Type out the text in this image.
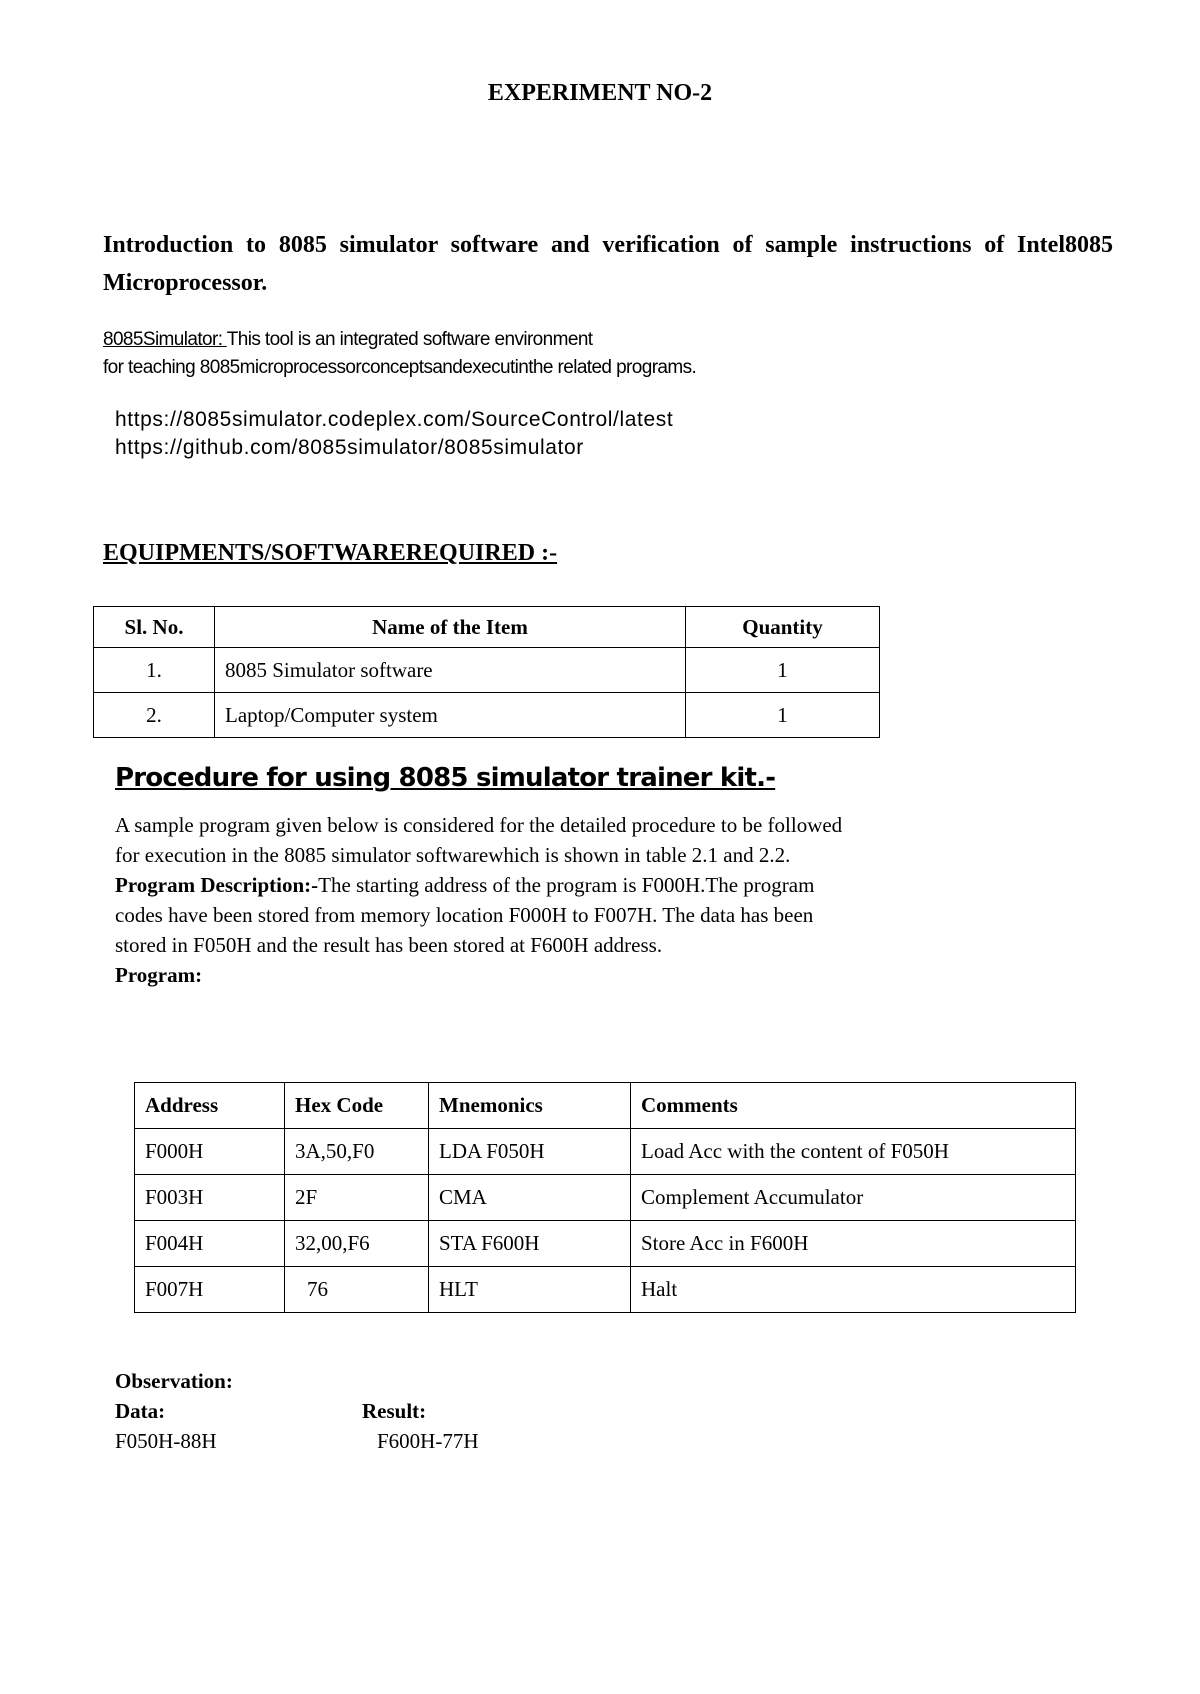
EXPERIMENT NO-2
Introduction to 8085 simulator software and verification of sample instructions of Intel8085 Microprocessor.
8085Simulator: This tool is an integrated software environment
for teaching 8085microprocessorconceptsandexecutinthe related programs.
https://8085simulator.codeplex.com/SourceControl/latest
https://github.com/8085simulator/8085simulator
EQUIPMENTS/SOFTWAREREQUIRED :-
Sl. No.	Name of the Item	Quantity
1.	8085 Simulator software	1
2.	Laptop/Computer system	1
Procedure for using 8085 simulator trainer kit.-

A sample program given below is considered for the detailed procedure to be followed for execution in the 8085 simulator softwarewhich is shown in table 2.1 and 2.2.

Program Description:-The starting address of the program is F000H.The program codes have been stored from memory location F000H to F007H. The data has been stored in F050H and the result has been stored at F600H address.

Program:

Address	Hex Code	Mnemonics	Comments
F000H	3A,50,F0	LDA F050H	Load Acc with the content of F050H
F003H	2F	CMA	Complement Accumulator
F004H	32,00,F6	STA F600H	Store Acc in F600H
F007H	76	HLT	Halt
Observation:
Data:	Result:
F050H-88H	F600H-77H
